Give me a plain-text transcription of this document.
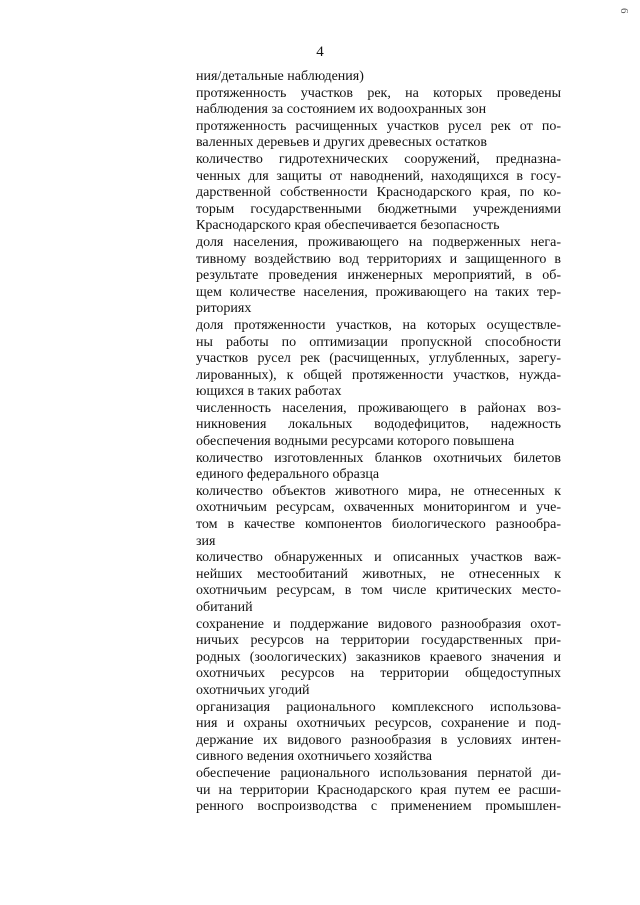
6
4

ния/детальные наблюдения)

протяженность участков рек, на которых проведены
наблюдения за состоянием их водоохранных зон

протяженность расчищенных участков русел рек от по-
валенных деревьев и других древесных остатков

количество гидротехнических сооружений, предназна-
ченных для защиты от наводнений, находящихся в госу-
дарственной собственности Краснодарского края, по ко-
торым государственными бюджетными учреждениями
Краснодарского края обеспечивается безопасность

доля населения, проживающего на подверженных нега-
тивному воздействию вод территориях и защищенного в
результате проведения инженерных мероприятий, в об-
щем количестве населения, проживающего на таких тер-
риториях

доля протяженности участков, на которых осуществле-
ны работы по оптимизации пропускной способности
участков русел рек (расчищенных, углубленных, зарегу-
лированных), к общей протяженности участков, нужда-
ющихся в таких работах

численность населения, проживающего в районах воз-
никновения локальных вододефицитов, надежность
обеспечения водными ресурсами которого повышена

количество изготовленных бланков охотничьих билетов
единого федерального образца

количество объектов животного мира, не отнесенных к
охотничьим ресурсам, охваченных мониторингом и уче-
том в качестве компонентов биологического разнообра-
зия

количество обнаруженных и описанных участков важ-
нейших местообитаний животных, не отнесенных к
охотничьим ресурсам, в том числе критических место-
обитаний

сохранение и поддержание видового разнообразия охот-
ничьих ресурсов на территории государственных при-
родных (зоологических) заказников краевого значения и
охотничьих ресурсов на территории общедоступных
охотничьих угодий

организация рационального комплексного использова-
ния и охраны охотничьих ресурсов, сохранение и под-
держание их видового разнообразия в условиях интен-
сивного ведения охотничьего хозяйства

обеспечение рационального использования пернатой ди-
чи на территории Краснодарского края путем ее расши-
ренного воспроизводства с применением промышлен-
